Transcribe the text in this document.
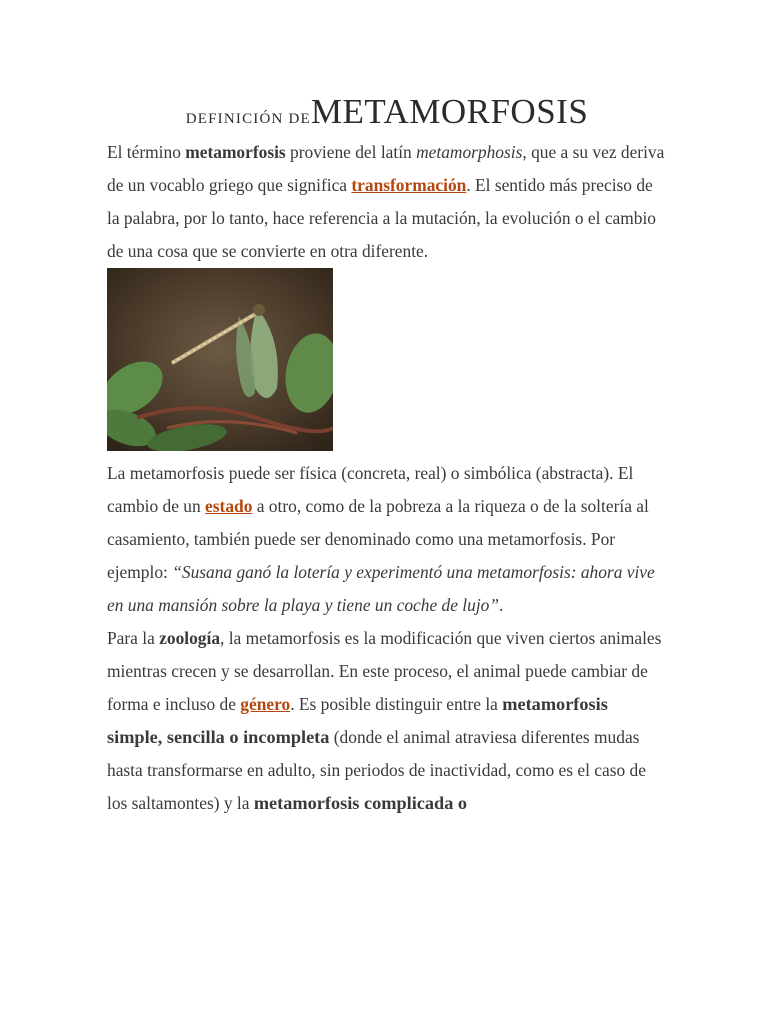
DEFINICIÓN DEMETAMORFOSIS

El término metamorfosis proviene del latín metamorphosis, que a su vez deriva de un vocablo griego que significa transformación. El sentido más preciso de la palabra, por lo tanto, hace referencia a la mutación, la evolución o el cambio de una cosa que se convierte en otra diferente.

La metamorfosis puede ser física (concreta, real) o simbólica (abstracta). El cambio de un estado a otro, como de la pobreza a la riqueza o de la soltería al casamiento, también puede ser denominado como una metamorfosis. Por ejemplo: “Susana ganó la lotería y experimentó una metamorfosis: ahora vive en una mansión sobre la playa y tiene un coche de lujo”.

Para la zoología, la metamorfosis es la modificación que viven ciertos animales mientras crecen y se desarrollan. En este proceso, el animal puede cambiar de forma e incluso de género. Es posible distinguir entre la metamorfosis simple, sencilla o incompleta (donde el animal atraviesa diferentes mudas hasta transformarse en adulto, sin periodos de inactividad, como es el caso de los saltamontes) y la metamorfosis complicada o
